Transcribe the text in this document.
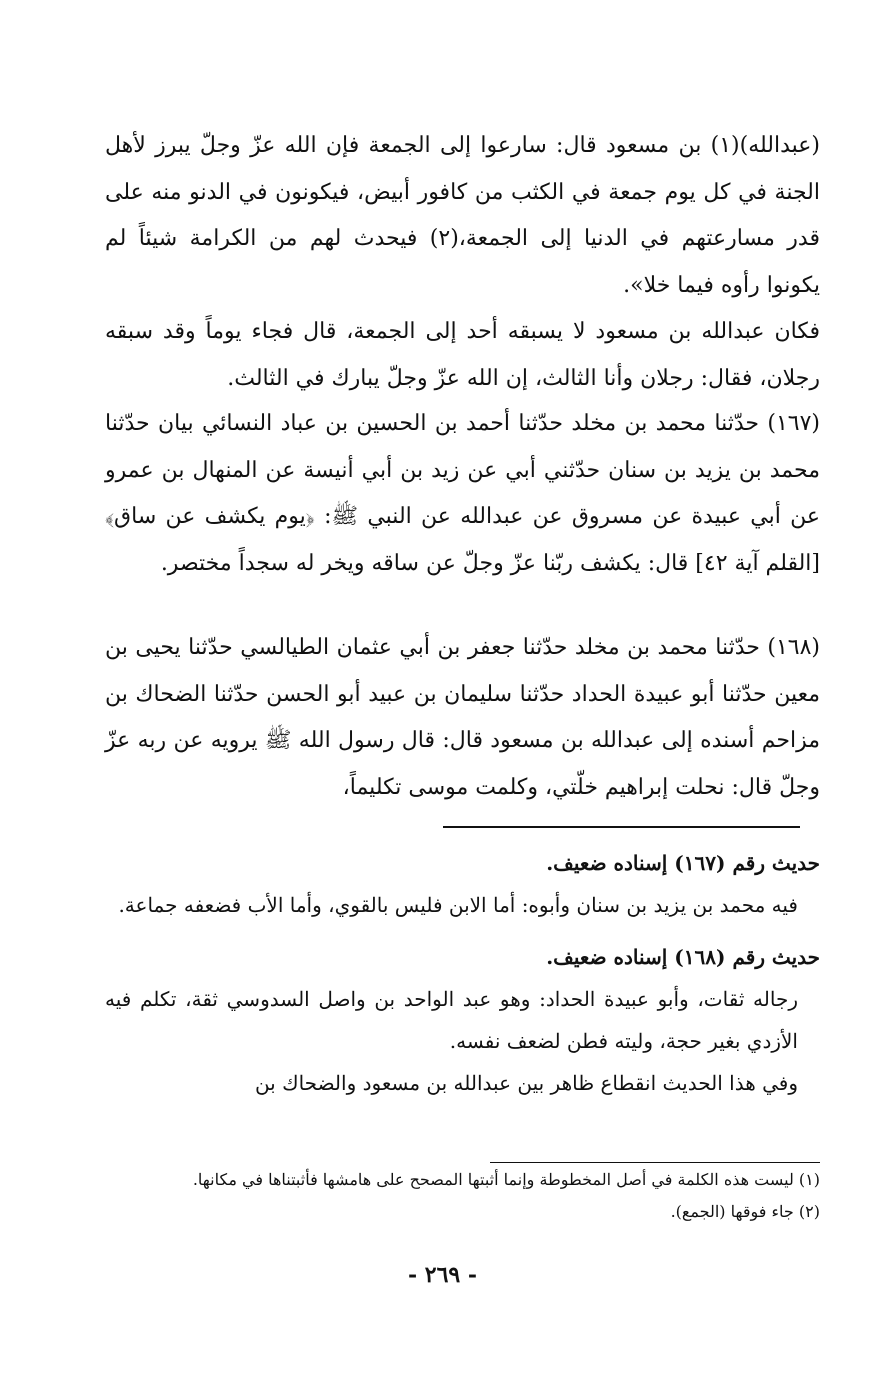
(عبدالله)(١) بن مسعود قال: سارعوا إلى الجمعة فإن الله عزّ وجلّ يبرز لأهل الجنة في كل يوم جمعة في الكثب من كافور أبيض، فيكونون في الدنو منه على قدر مسارعتهم في الدنيا إلى الجمعة،(٢) فيحدث لهم من الكرامة شيئاً لم يكونوا رأوه فيما خلا».

فكان عبدالله بن مسعود لا يسبقه أحد إلى الجمعة، قال فجاء يوماً وقد سبقه رجلان، فقال: رجلان وأنا الثالث، إن الله عزّ وجلّ يبارك في الثالث.

(١٦٧) حدّثنا محمد بن مخلد حدّثنا أحمد بن الحسين بن عباد النسائي بيان حدّثنا محمد بن يزيد بن سنان حدّثني أبي عن زيد بن أبي أنيسة عن المنهال بن عمرو عن أبي عبيدة عن مسروق عن عبدالله عن النبي ﷺ: ﴿يوم يكشف عن ساق﴾ [القلم آية ٤٢] قال: يكشف ربّنا عزّ وجلّ عن ساقه ويخر له سجداً مختصر.

(١٦٨) حدّثنا محمد بن مخلد حدّثنا جعفر بن أبي عثمان الطيالسي حدّثنا يحيى بن معين حدّثنا أبو عبيدة الحداد حدّثنا سليمان بن عبيد أبو الحسن حدّثنا الضحاك بن مزاحم أسنده إلى عبدالله بن مسعود قال: قال رسول الله ﷺ يرويه عن ربه عزّ وجلّ قال: نحلت إبراهيم خلّتي، وكلمت موسى تكليماً،

حديث رقم (١٦٧) إسناده ضعيف.

فيه محمد بن يزيد بن سنان وأبوه: أما الابن فليس بالقوي، وأما الأب فضعفه جماعة.

حديث رقم (١٦٨) إسناده ضعيف.

رجاله ثقات، وأبو عبيدة الحداد: وهو عبد الواحد بن واصل السدوسي ثقة، تكلم فيه الأزدي بغير حجة، وليته فطن لضعف نفسه.

وفي هذا الحديث انقطاع ظاهر بين عبدالله بن مسعود والضحاك بن

(١) ليست هذه الكلمة في أصل المخطوطة وإنما أثبتها المصحح على هامشها فأثبتناها في مكانها.

(٢) جاء فوقها (الجمع).

- ٢٦٩ -
